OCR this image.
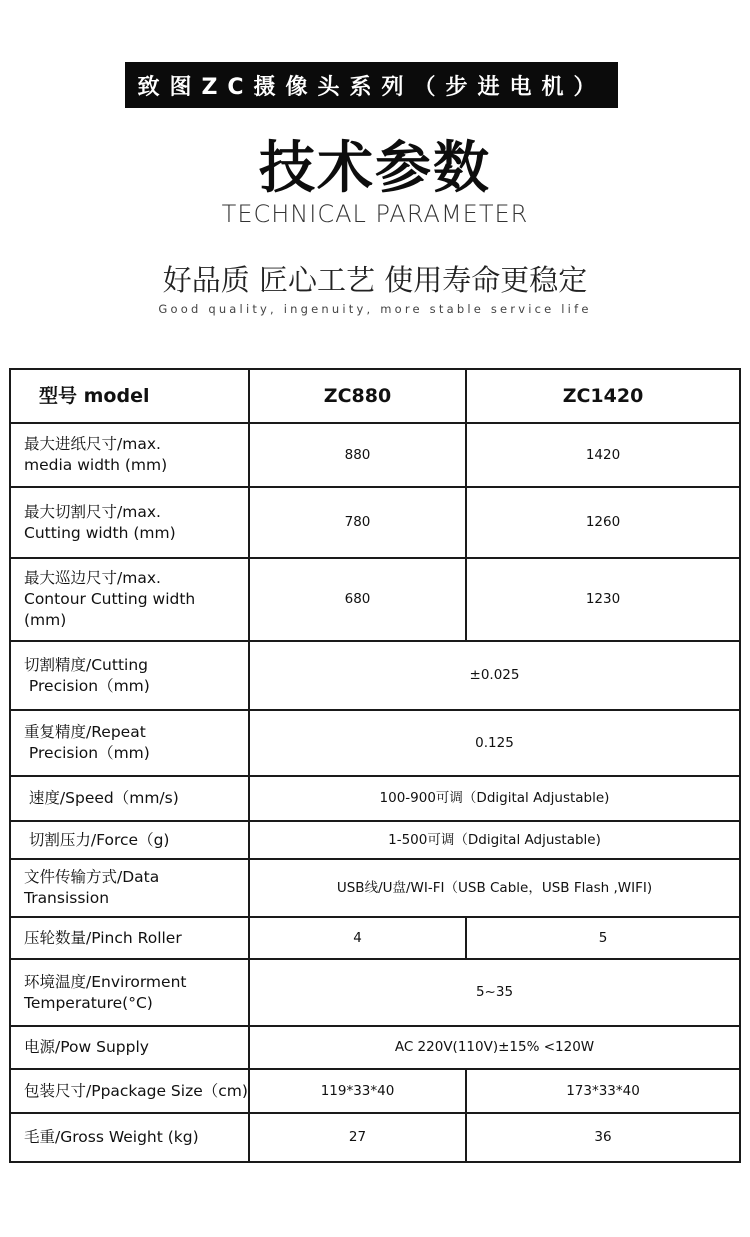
致图ZC摄像头系列（步进电机）
技术参数
TECHNICAL PARAMETER
好品质 匠心工艺 使用寿命更稳定
Good quality, ingenuity, more stable service life
型号 model	ZC880	ZC1420

最大进纸尺寸/max.
media width (mm)	880	1420

最大切割尺寸/max.
Cutting width (mm)	780	1260

最大巡边尺寸/max.
Contour Cutting width (mm)	680	1230

切割精度/Cutting
Precision（mm)	±0.025	

重复精度/Repeat
Precision（mm)	0.125	
速度/Speed（mm/s)	100-900可调（Ddigital Adjustable)	
切割压力/Force（g)	1-500可调（Ddigital Adjustable)	

文件传输方式/Data
Transission	USB线/U盘/WI-FI（USB Cable，USB Flash ,WIFI)	
压轮数量/Pinch Roller	4	5

环境温度/Envirorment
Temperature(°C)	5~35	
电源/Pow Supply	AC 220V(110V)±15% <120W	
包装尺寸/Ppackage Size（cm)	119*33*40	173*33*40
毛重/Gross Weight (kg)	27	36
